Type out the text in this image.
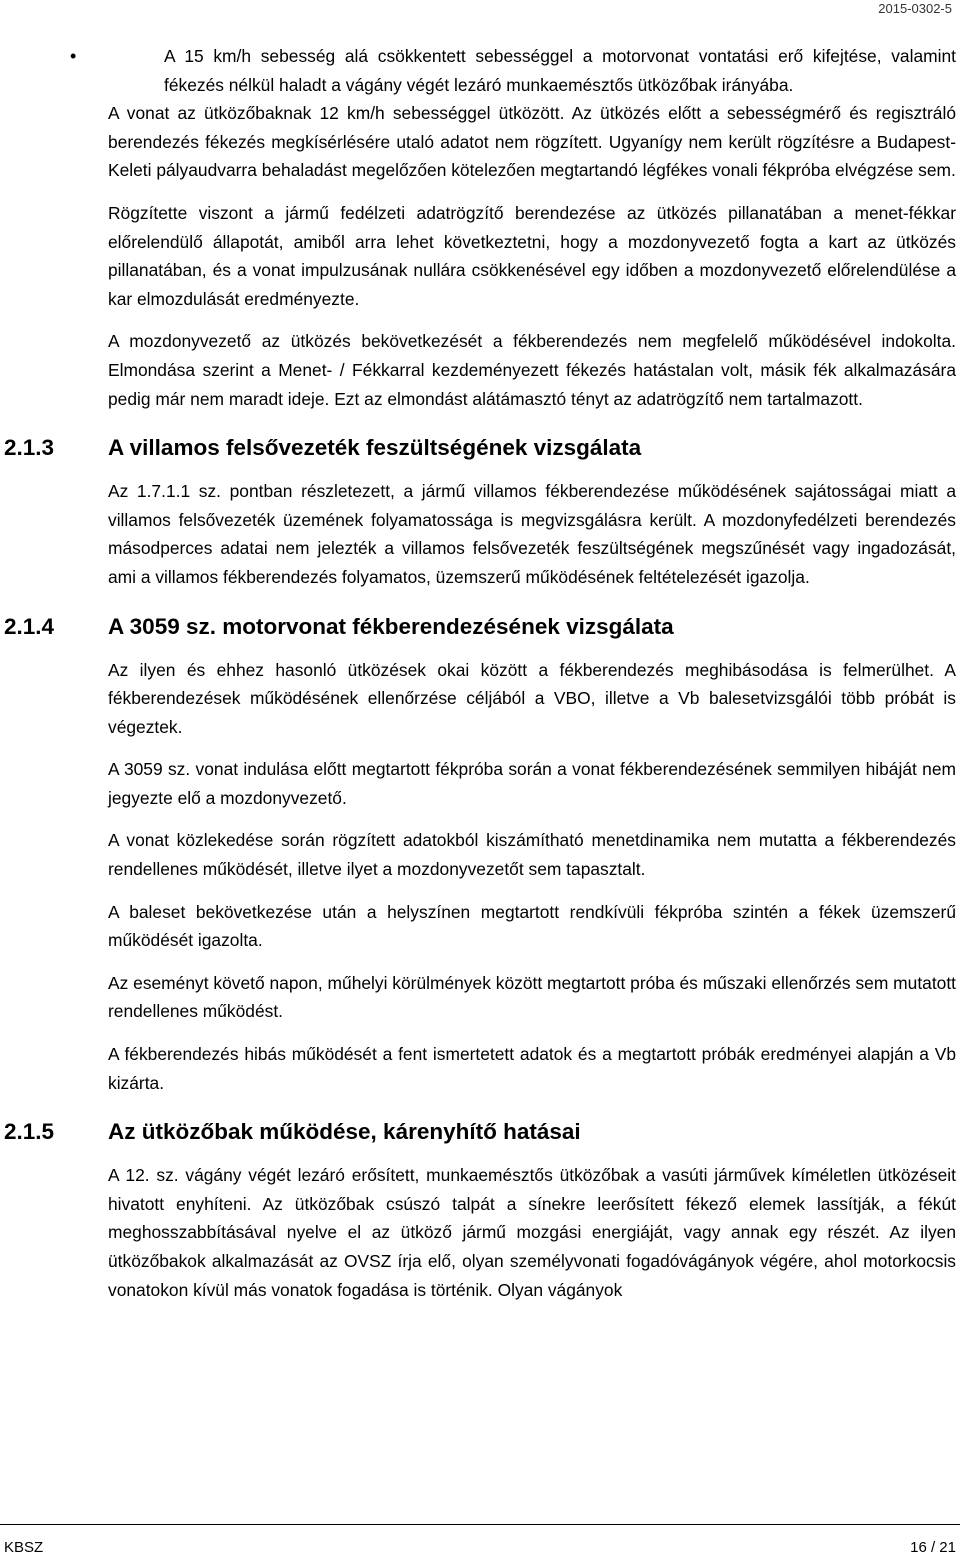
2015-0302-5
•	A 15 km/h sebesség alá csökkentett sebességgel a motorvonat vontatási erő kifejtése, valamint fékezés nélkül haladt a vágány végét lezáró munkaemésztős ütközőbak irányába.

A vonat az ütközőbaknak 12 km/h sebességgel ütközött. Az ütközés előtt a sebességmérő és regisztráló berendezés fékezés megkísérlésére utaló adatot nem rögzített. Ugyanígy nem került rögzítésre a Budapest-Keleti pályaudvarra behaladást megelőzően kötelezően megtartandó légfékes vonali fékpróba elvégzése sem.

Rögzítette viszont a jármű fedélzeti adatrögzítő berendezése az ütközés pillanatában a menet-fékkar előrelendülő állapotát, amiből arra lehet következtetni, hogy a mozdonyvezető fogta a kart az ütközés pillanatában, és a vonat impulzusának nullára csökkenésével egy időben a mozdonyvezető előrelendülése a kar elmozdulását eredményezte.

A mozdonyvezető az ütközés bekövetkezését a fékberendezés nem megfelelő működésével indokolta. Elmondása szerint a Menet- / Fékkarral kezdeményezett fékezés hatástalan volt, másik fék alkalmazására pedig már nem maradt ideje. Ezt az elmondást alátámasztó tényt az adatrögzítő nem tartalmazott.

2.1.3 A villamos felsővezeték feszültségének vizsgálata

Az 1.7.1.1 sz. pontban részletezett, a jármű villamos fékberendezése működésének sajátosságai miatt a villamos felsővezeték üzemének folyamatossága is megvizsgálásra került. A mozdonyfedélzeti berendezés másodperces adatai nem jelezték a villamos felsővezeték feszültségének megszűnését vagy ingadozását, ami a villamos fékberendezés folyamatos, üzemszerű működésének feltételezését igazolja.

2.1.4 A 3059 sz. motorvonat fékberendezésének vizsgálata

Az ilyen és ehhez hasonló ütközések okai között a fékberendezés meghibásodása is felmerülhet. A fékberendezések működésének ellenőrzése céljából a VBO, illetve a Vb balesetvizsgálói több próbát is végeztek.

A 3059 sz. vonat indulása előtt megtartott fékpróba során a vonat fékberendezésének semmilyen hibáját nem jegyezte elő a mozdonyvezető.

A vonat közlekedése során rögzített adatokból kiszámítható menetdinamika nem mutatta a fékberendezés rendellenes működését, illetve ilyet a mozdonyvezetőt sem tapasztalt.

A baleset bekövetkezése után a helyszínen megtartott rendkívüli fékpróba szintén a fékek üzemszerű működését igazolta.

Az eseményt követő napon, műhelyi körülmények között megtartott próba és műszaki ellenőrzés sem mutatott rendellenes működést.

A fékberendezés hibás működését a fent ismertetett adatok és a megtartott próbák eredményei alapján a Vb kizárta.

2.1.5 Az ütközőbak működése, kárenyhítő hatásai

A 12. sz. vágány végét lezáró erősített, munkaemésztős ütközőbak a vasúti járművek kíméletlen ütközéseit hivatott enyhíteni. Az ütközőbak csúszó talpát a sínekre leerősített fékező elemek lassítják, a fékút meghosszabbításával nyelve el az ütköző jármű mozgási energiáját, vagy annak egy részét. Az ilyen ütközőbakok alkalmazását az OVSZ írja elő, olyan személyvonati fogadóvágányok végére, ahol motorkocsis vonatokon kívül más vonatok fogadása is történik. Olyan vágányok

KBSZ	16 / 21
